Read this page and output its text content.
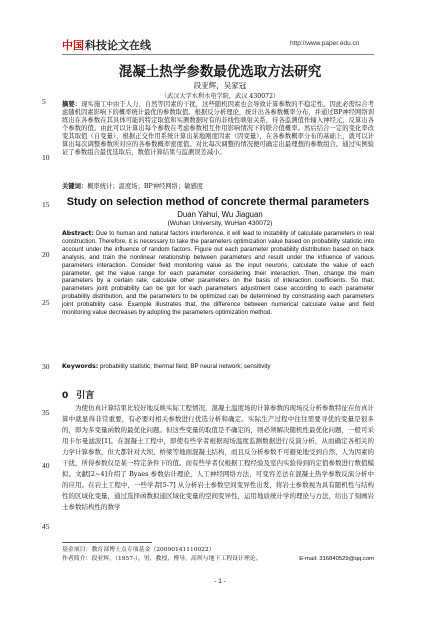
中国 科技论文在线	http://www.paper.edu.cn
混凝土热学参数最优选取方法研究
段亚辉，吴家冠
（武汉大学水利水电学院，武汉 430072）
摘要：现实施工中由于人力、自然等因素的干扰，这些随机因素也会导致计算参数的不稳定性。因此必需综合考虑随机因素影响下的概率统计最优的参数取值。根据反分析理论，统计出各参数概率分布，并通过BP神经网络训练出在各参数在其具体可能的特定取值和实测数据时有的非线性映射关系，待各监测值作输入神经元，反算出各个参数的值。由此可以计算出每个参数在考虑参数相互作用影响情况下的联合值概率。然后结合一定的变化率改变其取值（自变量），根据正交作用系统计算出某地刚度因素（因变量），在各参数概率分布的基础上，就可以计算出每次调整参数所对应的各参数概率密度值。对比每次调整的情况便可确定出最理想的参数组合。通过实例验证了参数组合最优选取后，数值计算结果与监测误差减小。
关键词：概率统计；温度场；BP神经网络；敏感度
Study on selection method of concrete thermal parameters
Duan Yahui, Wu Jiaguan
(Wuhan University, WuHan 430072)
Abstract: Due to human and natural factors interference, it will lead to instability of calculate parameters in real construction. Therefore, it is necessary to take the parameters optimization value based on probability statistic into account under the influence of random factors. Figure out each parameter probability distribution based on back analysis, and train the nonlinear relationship between parameters and result under the influence of various parameters interaction. Consider field monitoring value as the input neurons, calculate the value of each parameter, get the value range for each parameter considering their interaction. Then, change the main parameters by a certain rate, calculate other parameters on the basis of interaction coefficients. So that, parameters joint probability can be got for each parameters adjustment case according to each parameter probability distribution, and the parameters to be optimized can be determined by constrasting each parameters joint probability case. Example illustrates that, the difference between numerical calculate value and field monitoring value decreases by adopting the parameters optimization method.
Keywords: probability statistic; thermal field; BP neural network; sensitivity
0 引言
为使仿真计算结果比较好地反映实际工程情况，混凝土温度场的计算参数的现场反分析参数特征在仿真计算中就显得非常重要，有必要对相关参数进行优选分析和确定。实际生产过程中往往需要寻优的变量是很多的，即为多变量函数的最优化问题。但这些变量的取值是不确定的，则必须解决随机性最优化问题，一般可采用卡尔曼滤波[1]。在混凝土工程中，即使有些学者根据现场温度监测数据进行反演分析，从而确定各相关的力学计算参数，但大都针对大坝、桥梁等地面混凝土结构，而且反分析参数不可避免地受到自然、人为因素的干扰，所得参数仅是某一特定条件下的值。而有些学者仅根据工程经验及室内实验得到的定值参数进行数值模拟。文献[2~4]介绍了 Byaes 参数估计理论，人工神经网络方法，可变容差法在混凝土热学参数反演分析中的应用。在岩土工程中，一些学者[5-7] 从分析岩土参数空间变异性出发，将岩土参数视为具有随机性与结构性的区域化变量，通过选择函数拟通区域化变量的空间变异性，运用地质统计学的理论与方法，给出了刻画岩土参数结构性的数学
5
10
15
20
25
30
35
40
45
基金项目：教育部博士点专项基金（20090141110022）
作者简介：段亚辉，（1957-），男，教授、博导，高坝与地下工程设计理论。	E-mail: 316840529@qq.com
- 1 -
